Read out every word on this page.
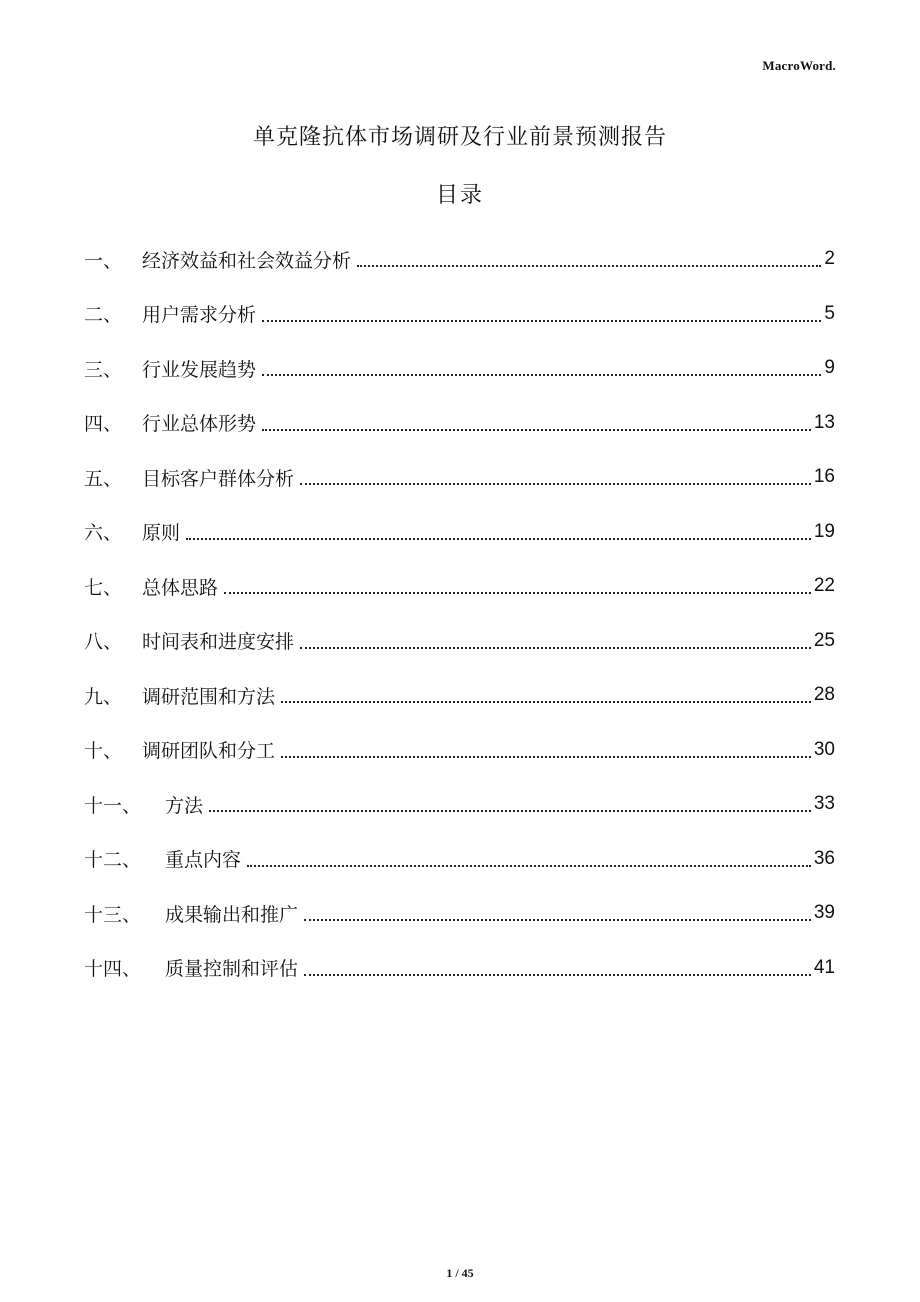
MacroWord.
单克隆抗体市场调研及行业前景预测报告
目录
一、	经济效益和社会效益分析	2
二、	用户需求分析	5
三、	行业发展趋势	9
四、	行业总体形势	13
五、	目标客户群体分析	16
六、	原则	19
七、	总体思路	22
八、	时间表和进度安排	25
九、	调研范围和方法	28
十、	调研团队和分工	30
十一、	方法	33
十二、	重点内容	36
十三、	成果输出和推广	39
十四、	质量控制和评估	41
1 / 45
